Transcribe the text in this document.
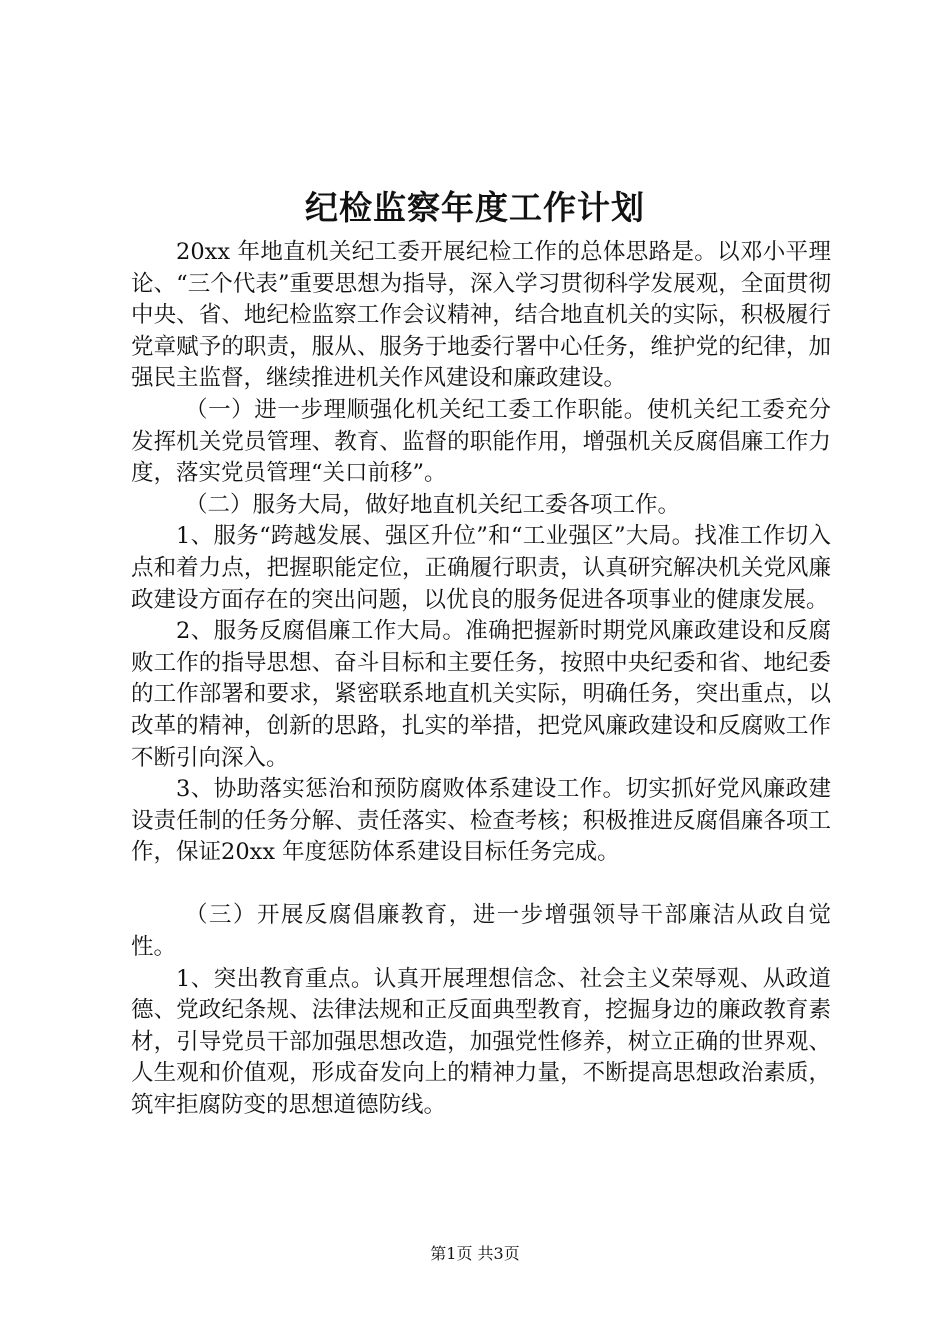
纪检监察年度工作计划

20xx 年地直机关纪工委开展纪检工作的总体思路是。以邓小平理论、“三个代表”重要思想为指导，深入学习贯彻科学发展观，全面贯彻中央、省、地纪检监察工作会议精神，结合地直机关的实际，积极履行党章赋予的职责，服从、服务于地委行署中心任务，维护党的纪律，加强民主监督，继续推进机关作风建设和廉政建设。

（一）进一步理顺强化机关纪工委工作职能。使机关纪工委充分发挥机关党员管理、教育、监督的职能作用，增强机关反腐倡廉工作力度，落实党员管理“关口前移”。

（二）服务大局，做好地直机关纪工委各项工作。

1、服务“跨越发展、强区升位”和“工业强区”大局。找准工作切入点和着力点，把握职能定位，正确履行职责，认真研究解决机关党风廉政建设方面存在的突出问题，以优良的服务促进各项事业的健康发展。

2、服务反腐倡廉工作大局。准确把握新时期党风廉政建设和反腐败工作的指导思想、奋斗目标和主要任务，按照中央纪委和省、地纪委的工作部署和要求，紧密联系地直机关实际，明确任务，突出重点，以改革的精神，创新的思路，扎实的举措，把党风廉政建设和反腐败工作不断引向深入。

3、协助落实惩治和预防腐败体系建设工作。切实抓好党风廉政建设责任制的任务分解、责任落实、检查考核；积极推进反腐倡廉各项工作，保证20xx 年度惩防体系建设目标任务完成。

（三）开展反腐倡廉教育，进一步增强领导干部廉洁从政自觉性。

1、突出教育重点。认真开展理想信念、社会主义荣辱观、从政道德、党政纪条规、法律法规和正反面典型教育，挖掘身边的廉政教育素材，引导党员干部加强思想改造，加强党性修养，树立正确的世界观、人生观和价值观，形成奋发向上的精神力量，不断提高思想政治素质，筑牢拒腐防变的思想道德防线。

第1页 共3页
